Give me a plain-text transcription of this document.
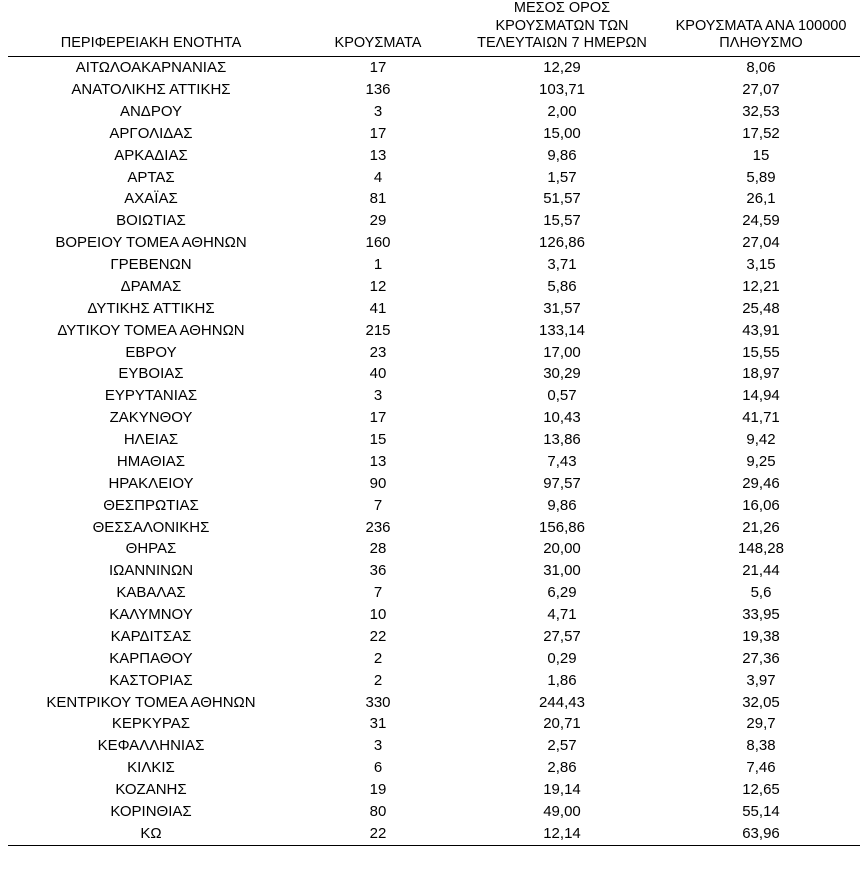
ΠΕΡΙΦΕΡΕΙΑΚΗ ΕΝΟΤΗΤΑ	ΚΡΟΥΣΜΑΤΑ	ΜΕΣΟΣ ΟΡΟΣ
ΚΡΟΥΣΜΑΤΩΝ ΤΩΝ
ΤΕΛΕΥΤΑΙΩΝ 7 ΗΜΕΡΩΝ	ΚΡΟΥΣΜΑΤΑ ΑΝΑ 100000
ΠΛΗΘΥΣΜΟ

ΑΙΤΩΛΟΑΚΑΡΝΑΝΙΑΣ	17	12,29	8,06
ΑΝΑΤΟΛΙΚΗΣ ΑΤΤΙΚΗΣ	136	103,71	27,07
ΑΝΔΡΟΥ	3	2,00	32,53
ΑΡΓΟΛΙΔΑΣ	17	15,00	17,52
ΑΡΚΑΔΙΑΣ	13	9,86	15
ΑΡΤΑΣ	4	1,57	5,89
ΑΧΑΪΑΣ	81	51,57	26,1
ΒΟΙΩΤΙΑΣ	29	15,57	24,59
ΒΟΡΕΙΟΥ ΤΟΜΕΑ ΑΘΗΝΩΝ	160	126,86	27,04
ΓΡΕΒΕΝΩΝ	1	3,71	3,15
ΔΡΑΜΑΣ	12	5,86	12,21
ΔΥΤΙΚΗΣ ΑΤΤΙΚΗΣ	41	31,57	25,48
ΔΥΤΙΚΟΥ ΤΟΜΕΑ ΑΘΗΝΩΝ	215	133,14	43,91
ΕΒΡΟΥ	23	17,00	15,55
ΕΥΒΟΙΑΣ	40	30,29	18,97
ΕΥΡΥΤΑΝΙΑΣ	3	0,57	14,94
ΖΑΚΥΝΘΟΥ	17	10,43	41,71
ΗΛΕΙΑΣ	15	13,86	9,42
ΗΜΑΘΙΑΣ	13	7,43	9,25
ΗΡΑΚΛΕΙΟΥ	90	97,57	29,46
ΘΕΣΠΡΩΤΙΑΣ	7	9,86	16,06
ΘΕΣΣΑΛΟΝΙΚΗΣ	236	156,86	21,26
ΘΗΡΑΣ	28	20,00	148,28
ΙΩΑΝΝΙΝΩΝ	36	31,00	21,44
ΚΑΒΑΛΑΣ	7	6,29	5,6
ΚΑΛΥΜΝΟΥ	10	4,71	33,95
ΚΑΡΔΙΤΣΑΣ	22	27,57	19,38
ΚΑΡΠΑΘΟΥ	2	0,29	27,36
ΚΑΣΤΟΡΙΑΣ	2	1,86	3,97
ΚΕΝΤΡΙΚΟΥ ΤΟΜΕΑ ΑΘΗΝΩΝ	330	244,43	32,05
ΚΕΡΚΥΡΑΣ	31	20,71	29,7
ΚΕΦΑΛΛΗΝΙΑΣ	3	2,57	8,38
ΚΙΛΚΙΣ	6	2,86	7,46
ΚΟΖΑΝΗΣ	19	19,14	12,65
ΚΟΡΙΝΘΙΑΣ	80	49,00	55,14
ΚΩ	22	12,14	63,96
